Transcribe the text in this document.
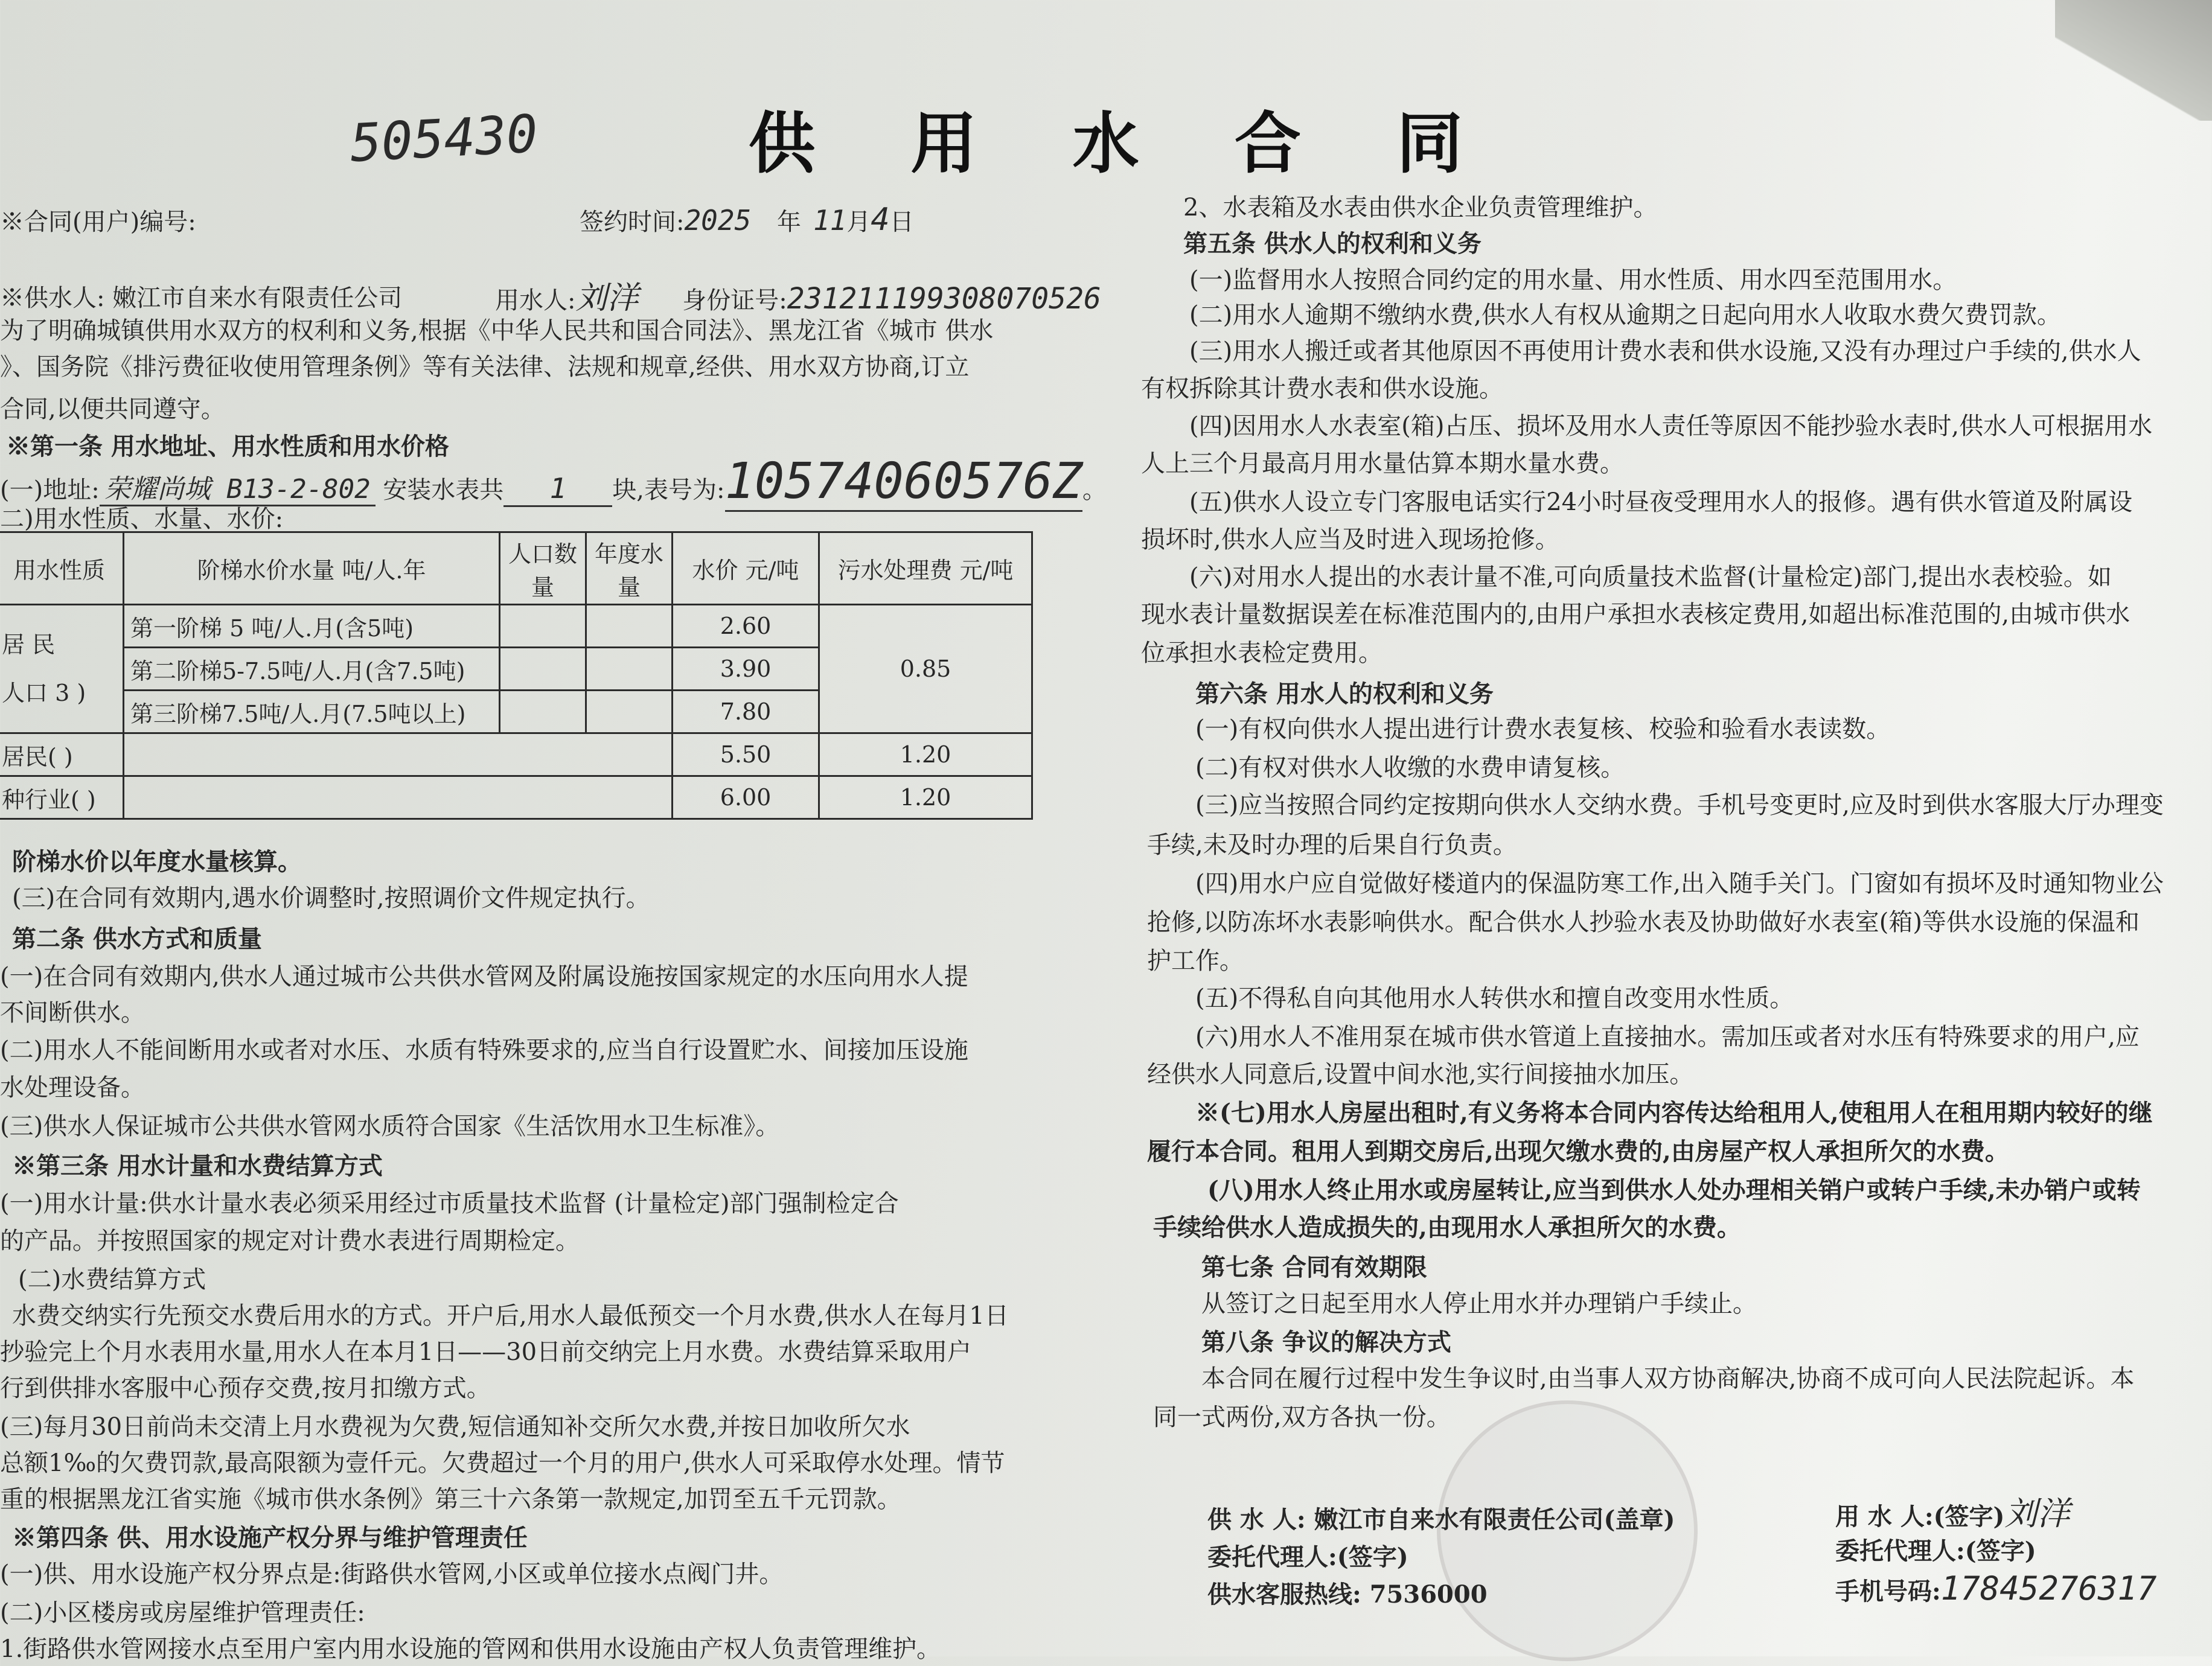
505430	供 用 水 合 同
※合同(用户)编号:	签约时间:2025 年 11月4日
※供水人: 嫩江市自来水有限责任公司	用水人:刘洋 身份证号:231211199308070526
为了明确城镇供用水双方的权利和义务,根据《中华人民共和国合同法》、黑龙江省《城市 供水
》、国务院《排污费征收使用管理条例》等有关法律、法规和规章,经供、用水双方协商,订立
合同,以便共同遵守。
※第一条 用水地址、用水性质和用水价格
(一)地址: 荣耀尚城 B13-2-802 安装水表共 1 块,表号为:10574060576Z。
二)用水性质、水量、水价:
用水性质	阶梯水价水量 吨/人.年	人口数量	年度水量	水价 元/吨	污水处理费 元/吨

居 民
人口 3 )	第一阶梯 5 吨/人.月(含5吨)			2.60	0.85
	第二阶梯5-7.5吨/人.月(含7.5吨)			3.90	
	第三阶梯7.5吨/人.月(7.5吨以上)			7.80	
居民( )				5.50	1.20
种行业( )				6.00	1.20
阶梯水价以年度水量核算。
(三)在合同有效期内,遇水价调整时,按照调价文件规定执行。
第二条 供水方式和质量
(一)在合同有效期内,供水人通过城市公共供水管网及附属设施按国家规定的水压向用水人提
不间断供水。
(二)用水人不能间断用水或者对水压、水质有特殊要求的,应当自行设置贮水、间接加压设施
水处理设备。
(三)供水人保证城市公共供水管网水质符合国家《生活饮用水卫生标准》。
※第三条 用水计量和水费结算方式
(一)用水计量:供水计量水表必须采用经过市质量技术监督 (计量检定)部门强制检定合
的产品。并按照国家的规定对计费水表进行周期检定。
(二)水费结算方式
水费交纳实行先预交水费后用水的方式。开户后,用水人最低预交一个月水费,供水人在每月1日
抄验完上个月水表用水量,用水人在本月1日——30日前交纳完上月水费。水费结算采取用户
行到供排水客服中心预存交费,按月扣缴方式。
(三)每月30日前尚未交清上月水费视为欠费,短信通知补交所欠水费,并按日加收所欠水
总额1‰的欠费罚款,最高限额为壹仟元。欠费超过一个月的用户,供水人可采取停水处理。情节
重的根据黑龙江省实施《城市供水条例》第三十六条第一款规定,加罚至五千元罚款。
※第四条 供、用水设施产权分界与维护管理责任
(一)供、用水设施产权分界点是:街路供水管网,小区或单位接水点阀门井。
(二)小区楼房或房屋维护管理责任:
1.街路供水管网接水点至用户室内用水设施的管网和供用水设施由产权人负责管理维护。
2、水表箱及水表由供水企业负责管理维护。
第五条 供水人的权利和义务
(一)监督用水人按照合同约定的用水量、用水性质、用水四至范围用水。
(二)用水人逾期不缴纳水费,供水人有权从逾期之日起向用水人收取水费欠费罚款。
(三)用水人搬迁或者其他原因不再使用计费水表和供水设施,又没有办理过户手续的,供水人
有权拆除其计费水表和供水设施。
(四)因用水人水表室(箱)占压、损坏及用水人责任等原因不能抄验水表时,供水人可根据用水
人上三个月最高月用水量估算本期水量水费。
(五)供水人设立专门客服电话实行24小时昼夜受理用水人的报修。遇有供水管道及附属设
损坏时,供水人应当及时进入现场抢修。
(六)对用水人提出的水表计量不准,可向质量技术监督(计量检定)部门,提出水表校验。如
现水表计量数据误差在标准范围内的,由用户承担水表核定费用,如超出标准范围的,由城市供水
位承担水表检定费用。
第六条 用水人的权利和义务
(一)有权向供水人提出进行计费水表复核、校验和验看水表读数。
(二)有权对供水人收缴的水费申请复核。
(三)应当按照合同约定按期向供水人交纳水费。手机号变更时,应及时到供水客服大厅办理变
手续,未及时办理的后果自行负责。
(四)用水户应自觉做好楼道内的保温防寒工作,出入随手关门。门窗如有损坏及时通知物业公
抢修,以防冻坏水表影响供水。配合供水人抄验水表及协助做好水表室(箱)等供水设施的保温和
护工作。
(五)不得私自向其他用水人转供水和擅自改变用水性质。
(六)用水人不准用泵在城市供水管道上直接抽水。需加压或者对水压有特殊要求的用户,应
经供水人同意后,设置中间水池,实行间接抽水加压。
※(七)用水人房屋出租时,有义务将本合同内容传达给租用人,使租用人在租用期内较好的继
履行本合同。租用人到期交房后,出现欠缴水费的,由房屋产权人承担所欠的水费。
(八)用水人终止用水或房屋转让,应当到供水人处办理相关销户或转户手续,未办销户或转
手续给供水人造成损失的,由现用水人承担所欠的水费。
第七条 合同有效期限
从签订之日起至用水人停止用水并办理销户手续止。
第八条 争议的解决方式
本合同在履行过程中发生争议时,由当事人双方协商解决,协商不成可向人民法院起诉。本
同一式两份,双方各执一份。
供 水 人: 嫩江市自来水有限责任公司(盖章)
委托代理人:(签字)
供水客服热线: 7536000
用 水 人:(签字)刘洋
委托代理人:(签字)
手机号码:17845276317
